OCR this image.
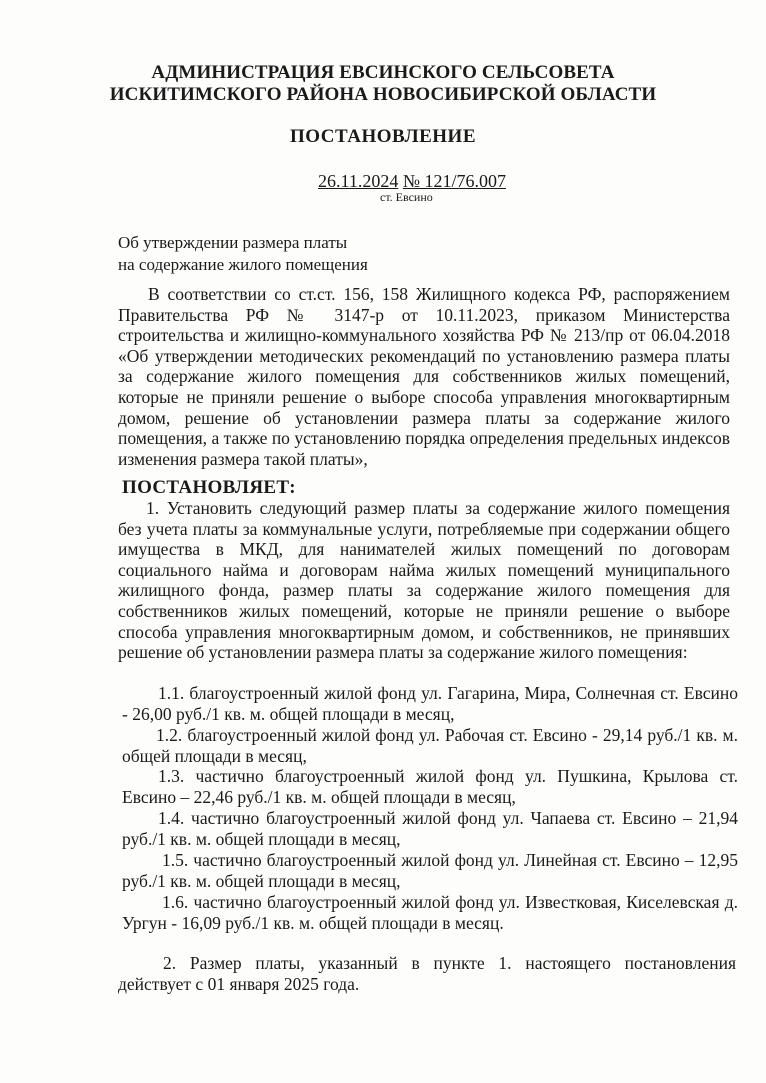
АДМИНИСТРАЦИЯ ЕВСИНСКОГО СЕЛЬСОВЕТА
ИСКИТИМСКОГО РАЙОНА НОВОСИБИРСКОЙ ОБЛАСТИ
ПОСТАНОВЛЕНИЕ
26.11.2024 № 121/76.007
ст. Евсино
Об утверждении размера платы
на содержание жилого помещения
В соответствии со ст.ст. 156, 158 Жилищного кодекса РФ, распоряжением Правительства РФ № 3147-р от 10.11.2023, приказом Министерства строительства и жилищно-коммунального хозяйства РФ № 213/пр от 06.04.2018 «Об утверждении методических рекомендаций по установлению размера платы за содержание жилого помещения для собственников жилых помещений, которые не приняли решение о выборе способа управления многоквартирным домом, решение об установлении размера платы за содержание жилого помещения, а также по установлению порядка определения предельных индексов изменения размера такой платы»,
ПОСТАНОВЛЯЕТ:
1. Установить следующий размер платы за содержание жилого помещения без учета платы за коммунальные услуги, потребляемые при содержании общего имущества в МКД, для нанимателей жилых помещений по договорам социального найма и договорам найма жилых помещений муниципального жилищного фонда, размер платы за содержание жилого помещения для собственников жилых помещений, которые не приняли решение о выборе способа управления многоквартирным домом, и собственников, не принявших решение об установлении размера платы за содержание жилого помещения:
1.1. благоустроенный жилой фонд ул. Гагарина, Мира, Солнечная ст. Евсино - 26,00 руб./1 кв. м. общей площади в месяц,
1.2. благоустроенный жилой фонд ул. Рабочая ст. Евсино - 29,14 руб./1 кв. м. общей площади в месяц,
1.3. частично благоустроенный жилой фонд ул. Пушкина, Крылова ст. Евсино – 22,46 руб./1 кв. м. общей площади в месяц,
1.4. частично благоустроенный жилой фонд ул. Чапаева ст. Евсино – 21,94 руб./1 кв. м. общей площади в месяц,
1.5. частично благоустроенный жилой фонд ул. Линейная ст. Евсино – 12,95 руб./1 кв. м. общей площади в месяц,
1.6. частично благоустроенный жилой фонд ул. Известковая, Киселевская д. Ургун - 16,09 руб./1 кв. м. общей площади в месяц.
2. Размер платы, указанный в пункте 1. настоящего постановления действует с 01 января 2025 года.
